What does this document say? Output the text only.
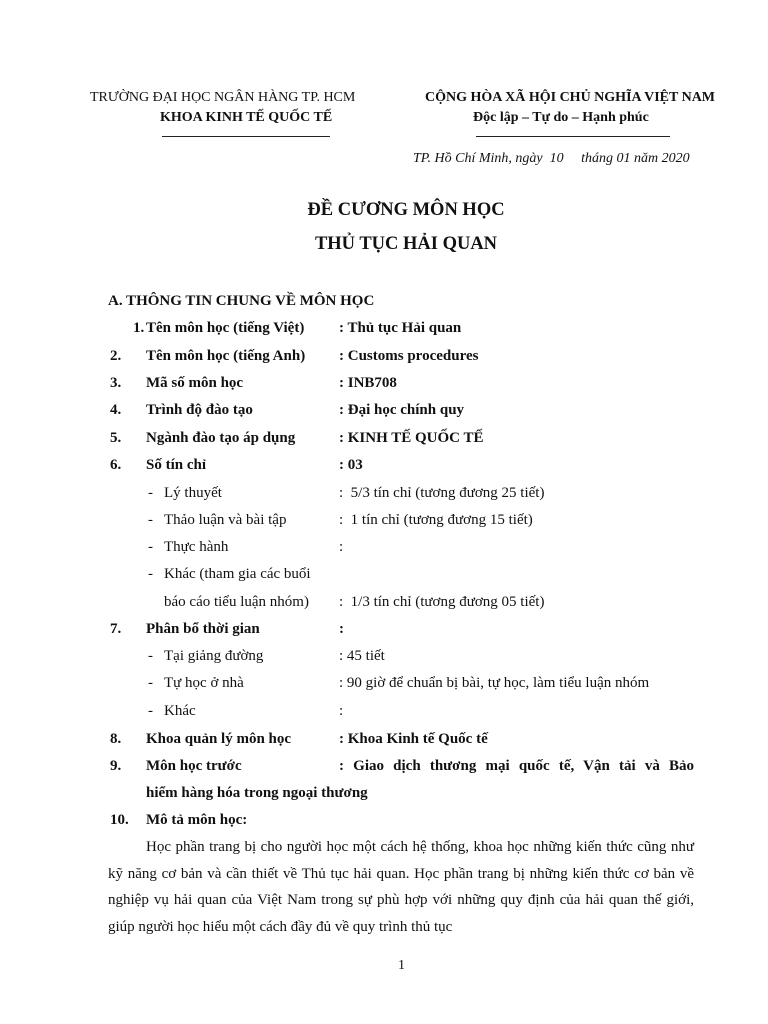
TRƯỜNG ĐẠI HỌC NGÂN HÀNG TP. HCM
KHOA KINH TẾ QUỐC TẾ
CỘNG HÒA XÃ HỘI CHỦ NGHĨA VIỆT NAM
Độc lập – Tự do – Hạnh phúc
TP. Hồ Chí Minh, ngày  10     tháng 01 năm 2020
ĐỀ CƯƠNG MÔN HỌC
THỦ TỤC HẢI QUAN
A. THÔNG TIN CHUNG VỀ MÔN HỌC
1. Tên môn học (tiếng Việt) : Thủ tục Hải quan
2. Tên môn học (tiếng Anh) : Customs procedures
3. Mã số môn học	: INB708
4. Trình độ đào tạo	: Đại học chính quy
5. Ngành đào tạo áp dụng	: KINH TẾ QUỐC TẾ
6. Số tín chỉ	: 03
- Lý thuyết	:  5/3 tín chỉ (tương đương 25 tiết)
- Thảo luận và bài tập	:  1 tín chỉ (tương đương 15 tiết)
- Thực hành	:
- Khác (tham gia các buổi
báo cáo tiểu luận nhóm) :  1/3 tín chỉ (tương đương 05 tiết)
7. Phân bổ thời gian	:
- Tại giảng đường	: 45 tiết
- Tự học ở nhà	: 90 giờ để chuẩn bị bài, tự học, làm tiểu luận nhóm
- Khác	:
8. Khoa quản lý môn học	: Khoa Kinh tế Quốc tế
9. Môn học trước	: Giao dịch thương mại quốc tế, Vận tải và Bảo
hiểm hàng hóa trong ngoại thương
10. Mô tả môn học:
Học phần trang bị cho người học một cách hệ thống, khoa học những kiến thức cũng như kỹ năng cơ bản và cần thiết về Thủ tục hải quan. Học phần trang bị những kiến thức cơ bản về nghiệp vụ hải quan của Việt Nam trong sự phù hợp với những quy định của hải quan thế giới, giúp người học hiểu một cách đầy đủ về quy trình thủ tục
1
